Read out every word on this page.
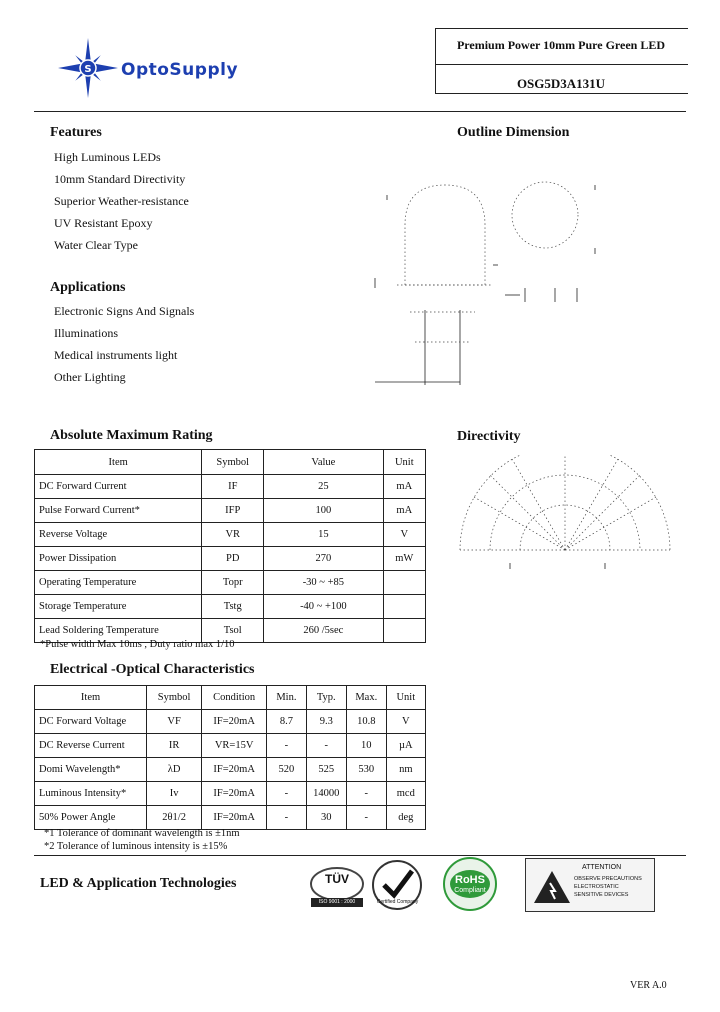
S OptoSupply
Premium Power 10mm Pure Green LED
OSG5D3A131U
Features
High Luminous LEDs
10mm Standard Directivity
Superior Weather-resistance
UV Resistant Epoxy
Water Clear Type
Applications
Electronic Signs And Signals
Illuminations
Medical instruments light
Other Lighting
Outline Dimension
Directivity
Absolute Maximum Rating
Item	Symbol	Value	Unit
DC Forward Current	IF	25	mA
Pulse Forward Current*	IFP	100	mA
Reverse Voltage	VR	15	V
Power Dissipation	PD	270	mW
Operating Temperature	Topr	-30 ~ +85	
Storage Temperature	Tstg	-40 ~ +100	
Lead Soldering Temperature	Tsol	260 /5sec	
*Pulse width Max 10ms , Duty ratio max 1/10
Electrical -Optical Characteristics
Item	Symbol	Condition	Min.	Typ.	Max.	Unit
DC Forward Voltage	VF	IF=20mA	8.7	9.3	10.8	V
DC Reverse Current	IR	VR=15V	-	-	10	µA
Domi Wavelength*	λD	IF=20mA	520	525	530	nm
Luminous Intensity*	Iv	IF=20mA	-	14000	-	mcd
50% Power Angle	2θ1/2	IF=20mA	-	30	-	deg
*1 Tolerance of dominant wavelength is ±1nm
*2 Tolerance of luminous intensity is ±15%
LED & Application Technologies	TÜV
ISO 9001 : 2000	Certified Company
RoHS
Compliant
ATTENTION
OBSERVE PRECAUTIONS
ELECTROSTATIC
SENSITIVE DEVICES
VER A.0
